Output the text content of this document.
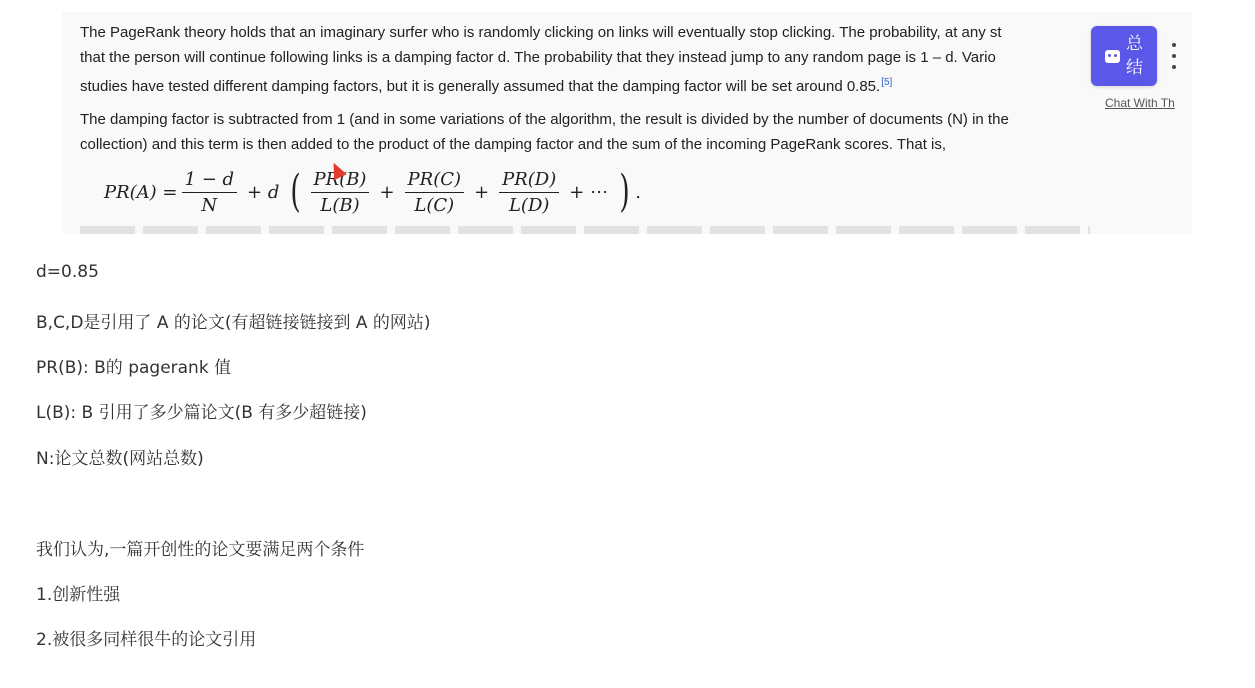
The PageRank theory holds that an imaginary surfer who is randomly clicking on links will eventually stop clicking. The probability, at any st
that the person will continue following links is a damping factor d. The probability that they instead jump to any random page is 1 – d. Vario
studies have tested different damping factors, but it is generally assumed that the damping factor will be set around 0.85.[5]

The damping factor is subtracted from 1 (and in some variations of the algorithm, the result is divided by the number of documents (N) in the
collection) and this term is then added to the product of the damping factor and the sum of the incoming PageRank scores. That is,

$PR(A) = \frac{1 - d}{N} + d$ ( $\frac{PR(B)}{L(B)} + \frac{PR(C)}{L(C)} + \frac{PR(D)}{L(D)}$ + ⋯ ) .
总
结
Chat With Th
d=0.85
B,C,D是引用了 A 的论文(有超链接链接到 A 的网站)
PR(B): B的 pagerank 值
L(B): B 引用了多少篇论文(B 有多少超链接)
N:论文总数(网站总数)
我们认为,一篇开创性的论文要满足两个条件
1.创新性强
2.被很多同样很牛的论文引用
